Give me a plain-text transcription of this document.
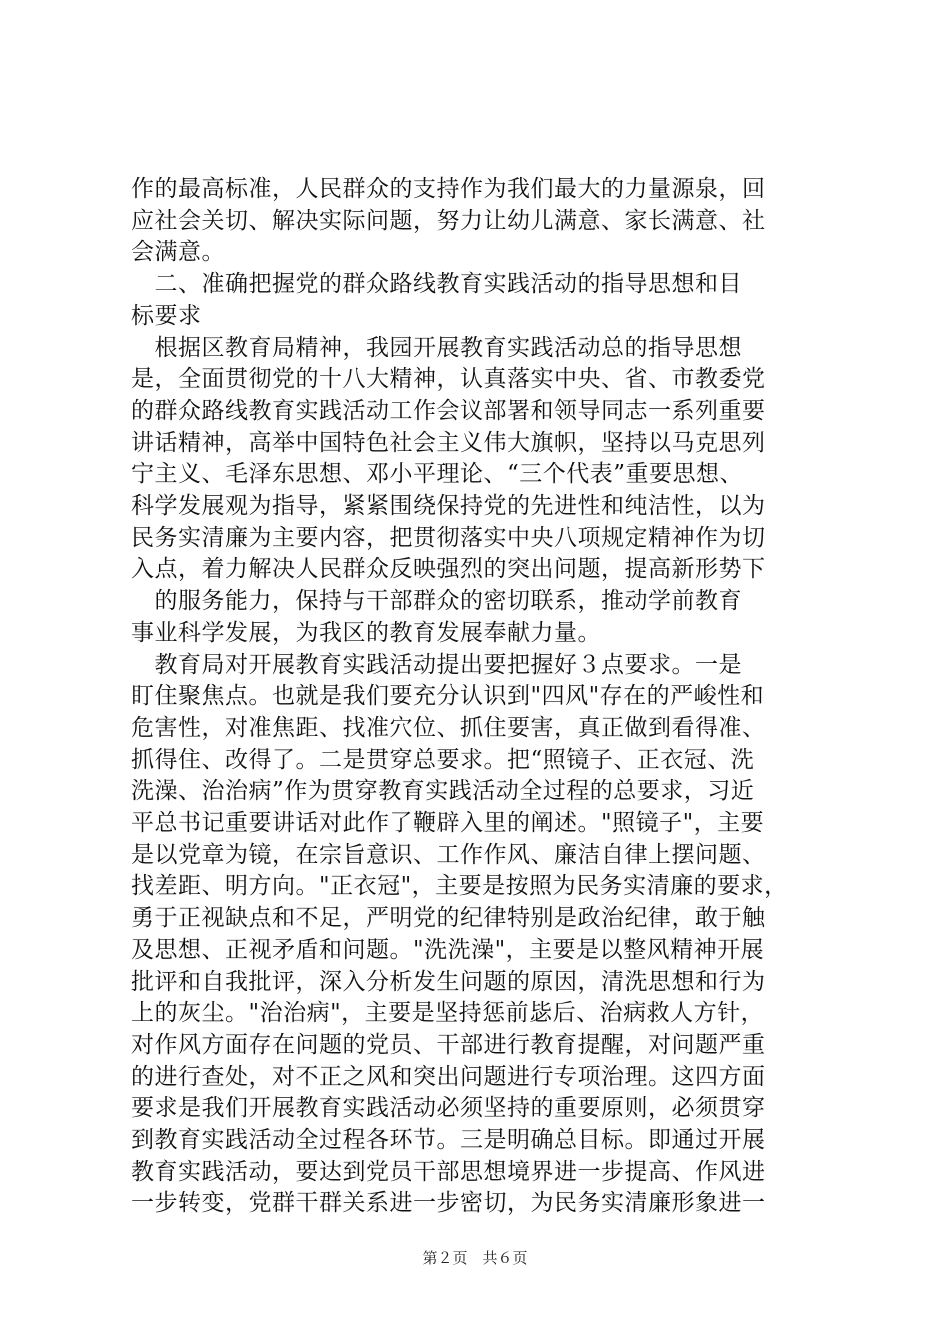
作的最高标准，人民群众的支持作为我们最大的力量源泉，回
应社会关切、解决实际问题，努力让幼儿满意、家长满意、社
会满意。
　二、准确把握党的群众路线教育实践活动的指导思想和目
标要求
　根据区教育局精神，我园开展教育实践活动总的指导思想
是，全面贯彻党的十八大精神，认真落实中央、省、市教委党
的群众路线教育实践活动工作会议部署和领导同志一系列重要
讲话精神，高举中国特色社会主义伟大旗帜，坚持以马克思列
宁主义、毛泽东思想、邓小平理论、“三个代表”重要思想、
科学发展观为指导，紧紧围绕保持党的先进性和纯洁性，以为
民务实清廉为主要内容，把贯彻落实中央八项规定精神作为切
入点，着力解决人民群众反映强烈的突出问题，提高新形势下
　的服务能力，保持与干部群众的密切联系，推动学前教育
事业科学发展，为我区的教育发展奉献力量。
　教育局对开展教育实践活动提出要把握好３点要求。一是
盯住聚焦点。也就是我们要充分认识到"四风"存在的严峻性和
危害性，对准焦距、找准穴位、抓住要害，真正做到看得准、
抓得住、改得了。二是贯穿总要求。把“照镜子、正衣冠、洗
洗澡、治治病”作为贯穿教育实践活动全过程的总要求，习近
平总书记重要讲话对此作了鞭辟入里的阐述。"照镜子"，主要
是以党章为镜，在宗旨意识、工作作风、廉洁自律上摆问题、
找差距、明方向。"正衣冠"，主要是按照为民务实清廉的要求，
勇于正视缺点和不足，严明党的纪律特别是政治纪律，敢于触
及思想、正视矛盾和问题。"洗洗澡"，主要是以整风精神开展
批评和自我批评，深入分析发生问题的原因，清洗思想和行为
上的灰尘。"治治病"，主要是坚持惩前毖后、治病救人方针，
对作风方面存在问题的党员、干部进行教育提醒，对问题严重
的进行查处，对不正之风和突出问题进行专项治理。这四方面
要求是我们开展教育实践活动必须坚持的重要原则，必须贯穿
到教育实践活动全过程各环节。三是明确总目标。即通过开展
教育实践活动，要达到党员干部思想境界进一步提高、作风进
一步转变，党群干群关系进一步密切，为民务实清廉形象进一
第２页　共６页
